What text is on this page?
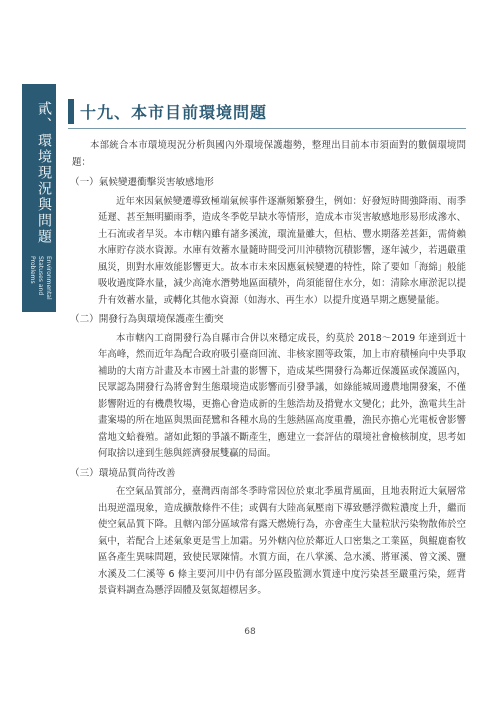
貳、環境現況與問題
Environmental Statuses and Problems
十九、本市目前環境問題

本部統合本市環境現況分析與國內外環境保護趨勢，整理出目前本市須面對的數個環境問題：

（一）氣候變遷衝擊災害敏感地形

近年來因氣候變遷導致極端氣候事件逐漸頻繁發生，例如：好發短時間強降雨、雨季延遲、甚至無明顯雨季，造成冬季乾旱缺水等情形，造成本市災害敏感地形易形成滲水、土石流或者旱災。本市轄內雖有諸多溪流，環流量雖大，但枯、豐水期落差甚鉅，需倚賴水庫貯存淡水資源。水庫有效蓄水量隨時間受河川沖積物沉積影響，逐年減少，若遇嚴重風災，則對水庫效能影響更大。故本市未來因應氣候變遷的特性，除了要如「海綿」般能吸收過度降水量，減少高淹水潛勢地區面積外，尚須能留住水分，如：清除水庫淤泥以提升有效蓄水量，或轉化其他水資源（如海水、再生水）以提升度過旱期之應變量能。

（二）開發行為與環境保護產生衝突

本市轄內工商開發行為自縣市合併以來穩定成長，約莫於 2018～2019 年達到近十年高峰，然而近年為配合政府吸引臺商回流、非核家園等政策，加上市府積極向中央爭取補助的大南方計畫及本市國土計畫的影響下，造成某些開發行為鄰近保護區或保護區內，民眾認為開發行為將會對生態環境造成影響而引發爭議，如綠能城周邊農地開發案，不僅影響附近的有機農牧場，更擔心會造成新的生態浩劫及揹覺水文變化；此外，漁電共生計畫案場的所在地區與黑面琵鷺和各種水鳥的生態熱區高度重疊，漁民亦擔心光電板會影響當地文蛤養殖。諸如此類的爭議不斷產生，應建立一套評估的環境社會檢核制度，思考如何取捨以達到生態與經濟發展雙贏的局面。

（三）環境品質尚待改善

在空氣品質部分，臺灣西南部冬季時常因位於東北季風背風面，且地表附近大氣層常出現逆溫現象，造成擴散條件不佳；或偶有大陸高氣壓南下導致懸浮微粒濃度上升，繼而使空氣品質下降。且轄內部分區域常有露天燃燒行為，亦會產生大量粒狀污染物散佈於空氣中，若配合上述氣象更是雪上加霜。另外轄內位於鄰近人口密集之工業區，與鯤鹿畜牧區各產生異味問題，致使民眾陳情。水質方面，在八掌溪、急水溪、將軍溪、曾文溪、鹽水溪及二仁溪等 6 條主要河川中仍有部分區段監測水質達中度污染甚至嚴重污染，經背景資料調查為懸浮固體及氨氮超標居多。

68
